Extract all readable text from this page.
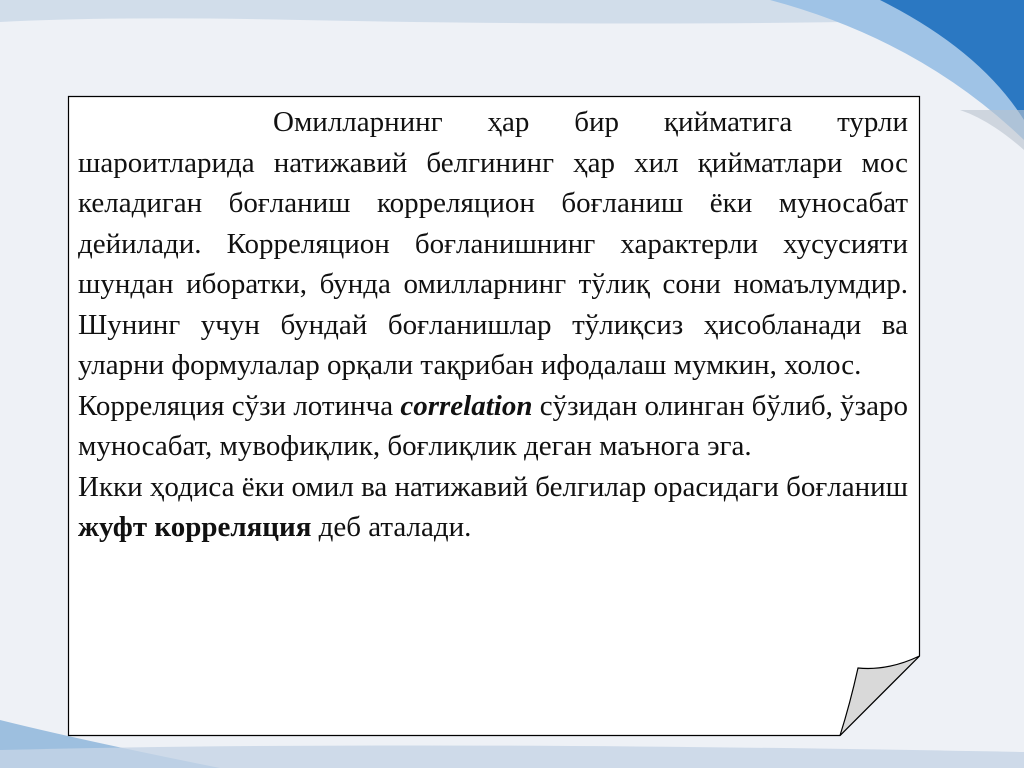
Омилларнинг ҳар бир қийматига турли шароитларида натижавий белгининг ҳар хил қийматлари мос келадиган боғланиш корреляцион боғланиш ёки муносабат дейилади. Корреляцион боғланишнинг характерли хусусияти шундан иборатки, бунда омилларнинг тўлиқ сони номаълумдир. Шунинг учун бундай боғланишлар тўлиқсиз ҳисобланади ва уларни формулалар орқали тақрибан ифодалаш мумкин, холос.

Корреляция сўзи лотинча correlation сўзидан олинган бўлиб, ўзаро муносабат, мувофиқлик, боғлиқлик деган маънога эга.

Икки ҳодиса ёки омил ва натижавий белгилар орасидаги боғланиш жуфт корреляция деб аталади.
